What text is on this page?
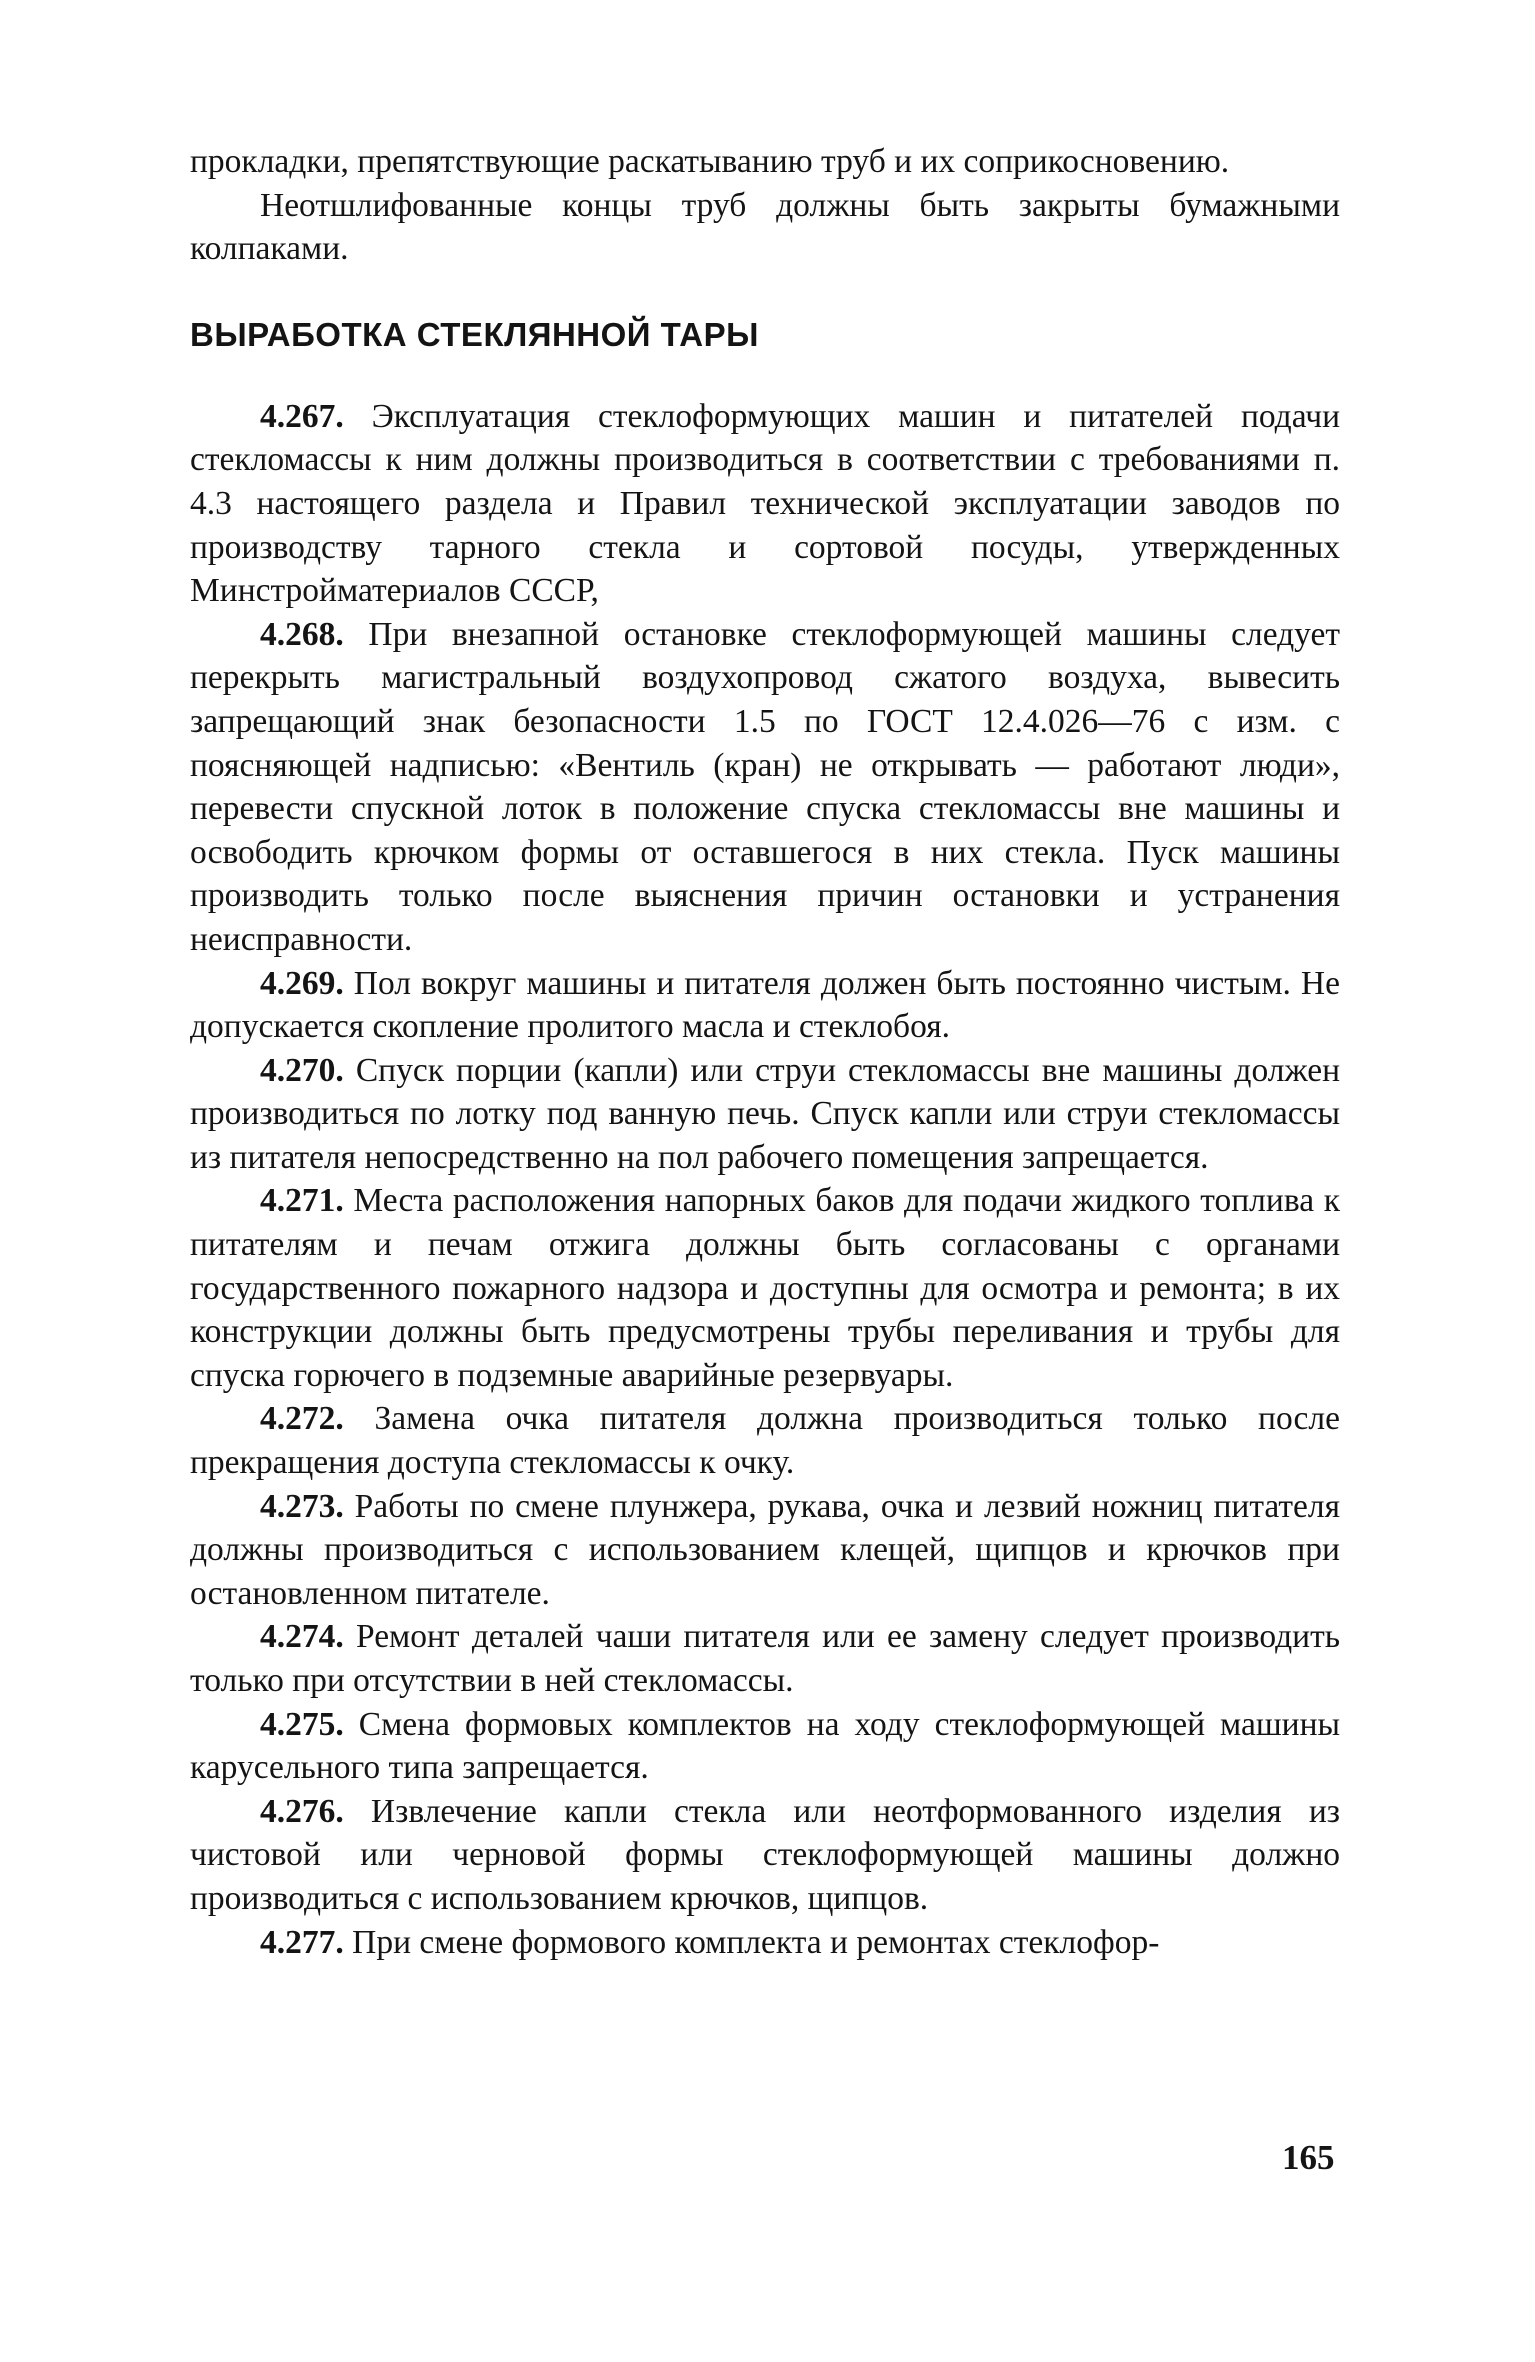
прокладки, препятствующие раскатыванию труб и их соприкосновению.

Неотшлифованные концы труб должны быть закрыты бумажными колпаками.

ВЫРАБОТКА СТЕКЛЯННОЙ ТАРЫ

4.267. Эксплуатация стеклоформующих машин и питателей подачи стекломассы к ним должны производиться в соответствии с требованиями п. 4.3 настоящего раздела и Правил технической эксплуатации заводов по производству тарного стекла и сортовой посуды, утвержденных Минстройматериалов СССР,

4.268. При внезапной остановке стеклоформующей машины следует перекрыть магистральный воздухопровод сжатого воздуха, вывесить запрещающий знак безопасности 1.5 по ГОСТ 12.4.026—76 с изм. с поясняющей надписью: «Вентиль (кран) не открывать — работают люди», перевести спускной лоток в положение спуска стекломассы вне машины и освободить крючком формы от оставшегося в них стекла. Пуск машины производить только после выяснения причин остановки и устранения неисправности.

4.269. Пол вокруг машины и питателя должен быть постоянно чистым. Не допускается скопление пролитого масла и стеклобоя.

4.270. Спуск порции (капли) или струи стекломассы вне машины должен производиться по лотку под ванную печь. Спуск капли или струи стекломассы из питателя непосредственно на пол рабочего помещения запрещается.

4.271. Места расположения напорных баков для подачи жидкого топлива к питателям и печам отжига должны быть согласованы с органами государственного пожарного надзора и доступны для осмотра и ремонта; в их конструкции должны быть предусмотрены трубы переливания и трубы для спуска горючего в подземные аварийные резервуары.

4.272. Замена очка питателя должна производиться только после прекращения доступа стекломассы к очку.

4.273. Работы по смене плунжера, рукава, очка и лезвий ножниц питателя должны производиться с использованием клещей, щипцов и крючков при остановленном питателе.

4.274. Ремонт деталей чаши питателя или ее замену следует производить только при отсутствии в ней стекломассы.

4.275. Смена формовых комплектов на ходу стеклоформующей машины карусельного типа запрещается.

4.276. Извлечение капли стекла или неотформованного изделия из чистовой или черновой формы стеклоформующей машины должно производиться с использованием крючков, щипцов.

4.277. При смене формового комплекта и ремонтах стеклофор-

165
